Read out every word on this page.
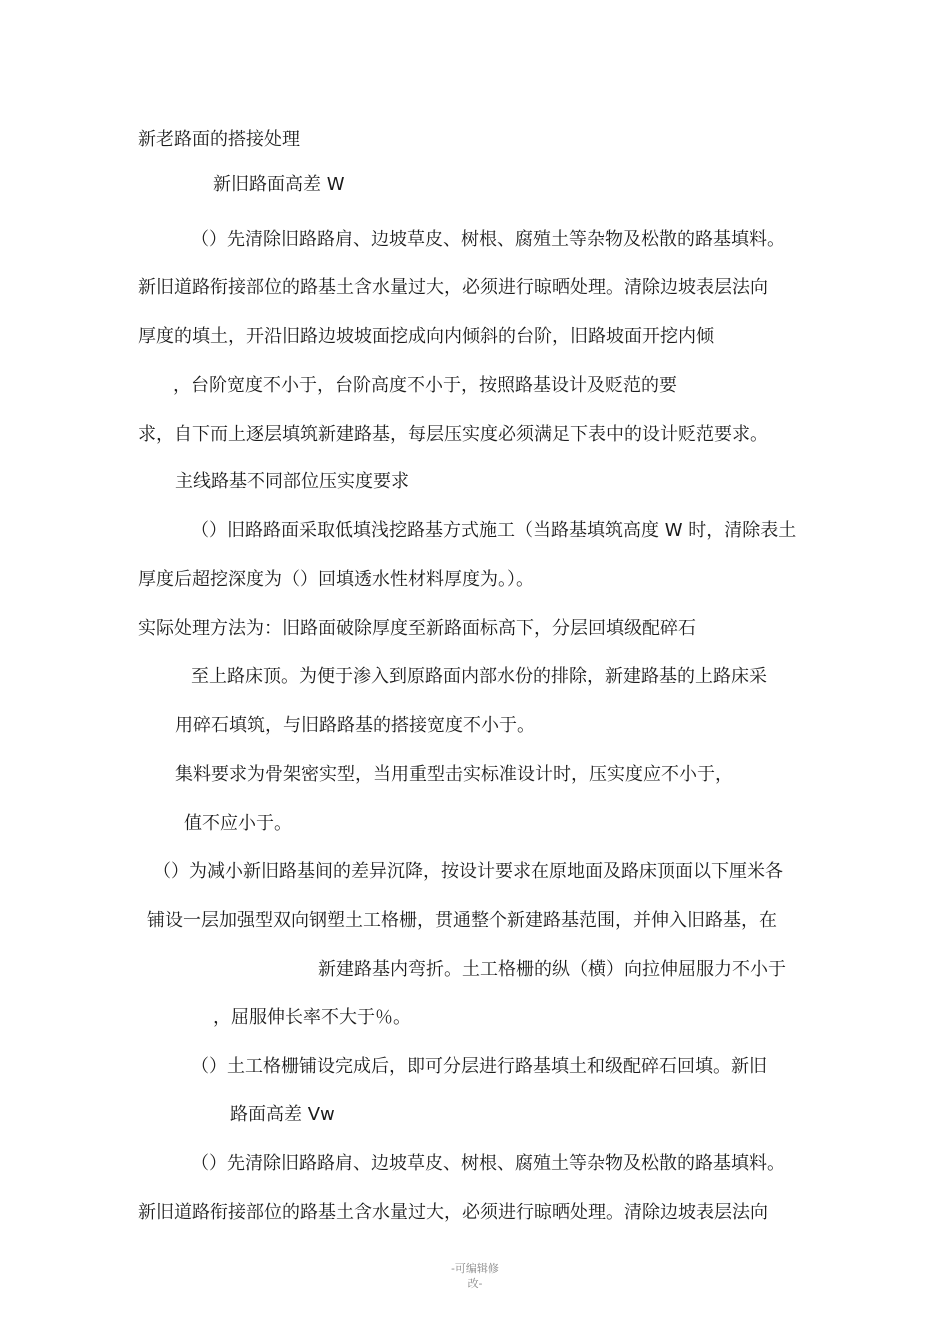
新老路面的搭接处理
新旧路面高差 W
（）先清除旧路路肩、边坡草皮、树根、腐殖土等杂物及松散的路基填料。
新旧道路衔接部位的路基土含水量过大，必须进行晾晒处理。清除边坡表层法向
厚度的填土，开沿旧路边坡坡面挖成向内倾斜的台阶，旧路坡面开挖内倾
，台阶宽度不小于，台阶高度不小于，按照路基设计及贬范的要
求，自下而上逐层填筑新建路基，每层压实度必须满足下表中的设计贬范要求。
主线路基不同部位压实度要求
（）旧路路面采取低填浅挖路基方式施工（当路基填筑高度 W 时，清除表土
厚度后超挖深度为（）回填透水性材料厚度为。）。
实际处理方法为：旧路面破除厚度至新路面标高下，分层回填级配碎石
至上路床顶。为便于渗入到原路面内部水份的排除，新建路基的上路床采
用碎石填筑，与旧路路基的搭接宽度不小于。
集料要求为骨架密实型，当用重型击实标准设计时，压实度应不小于，
值不应小于。
（）为减小新旧路基间的差异沉降，按设计要求在原地面及路床顶面以下厘米各
铺设一层加强型双向钢塑土工格栅，贯通整个新建路基范围，并伸入旧路基，在
新建路基内弯折。土工格栅的纵（横）向拉伸屈服力不小于
，屈服伸长率不大于％。
（）土工格栅铺设完成后，即可分层进行路基填土和级配碎石回填。新旧
路面高差 Vw
（）先清除旧路路肩、边坡草皮、树根、腐殖土等杂物及松散的路基填料。
新旧道路衔接部位的路基土含水量过大，必须进行晾晒处理。清除边坡表层法向
-可编辑修
改-
